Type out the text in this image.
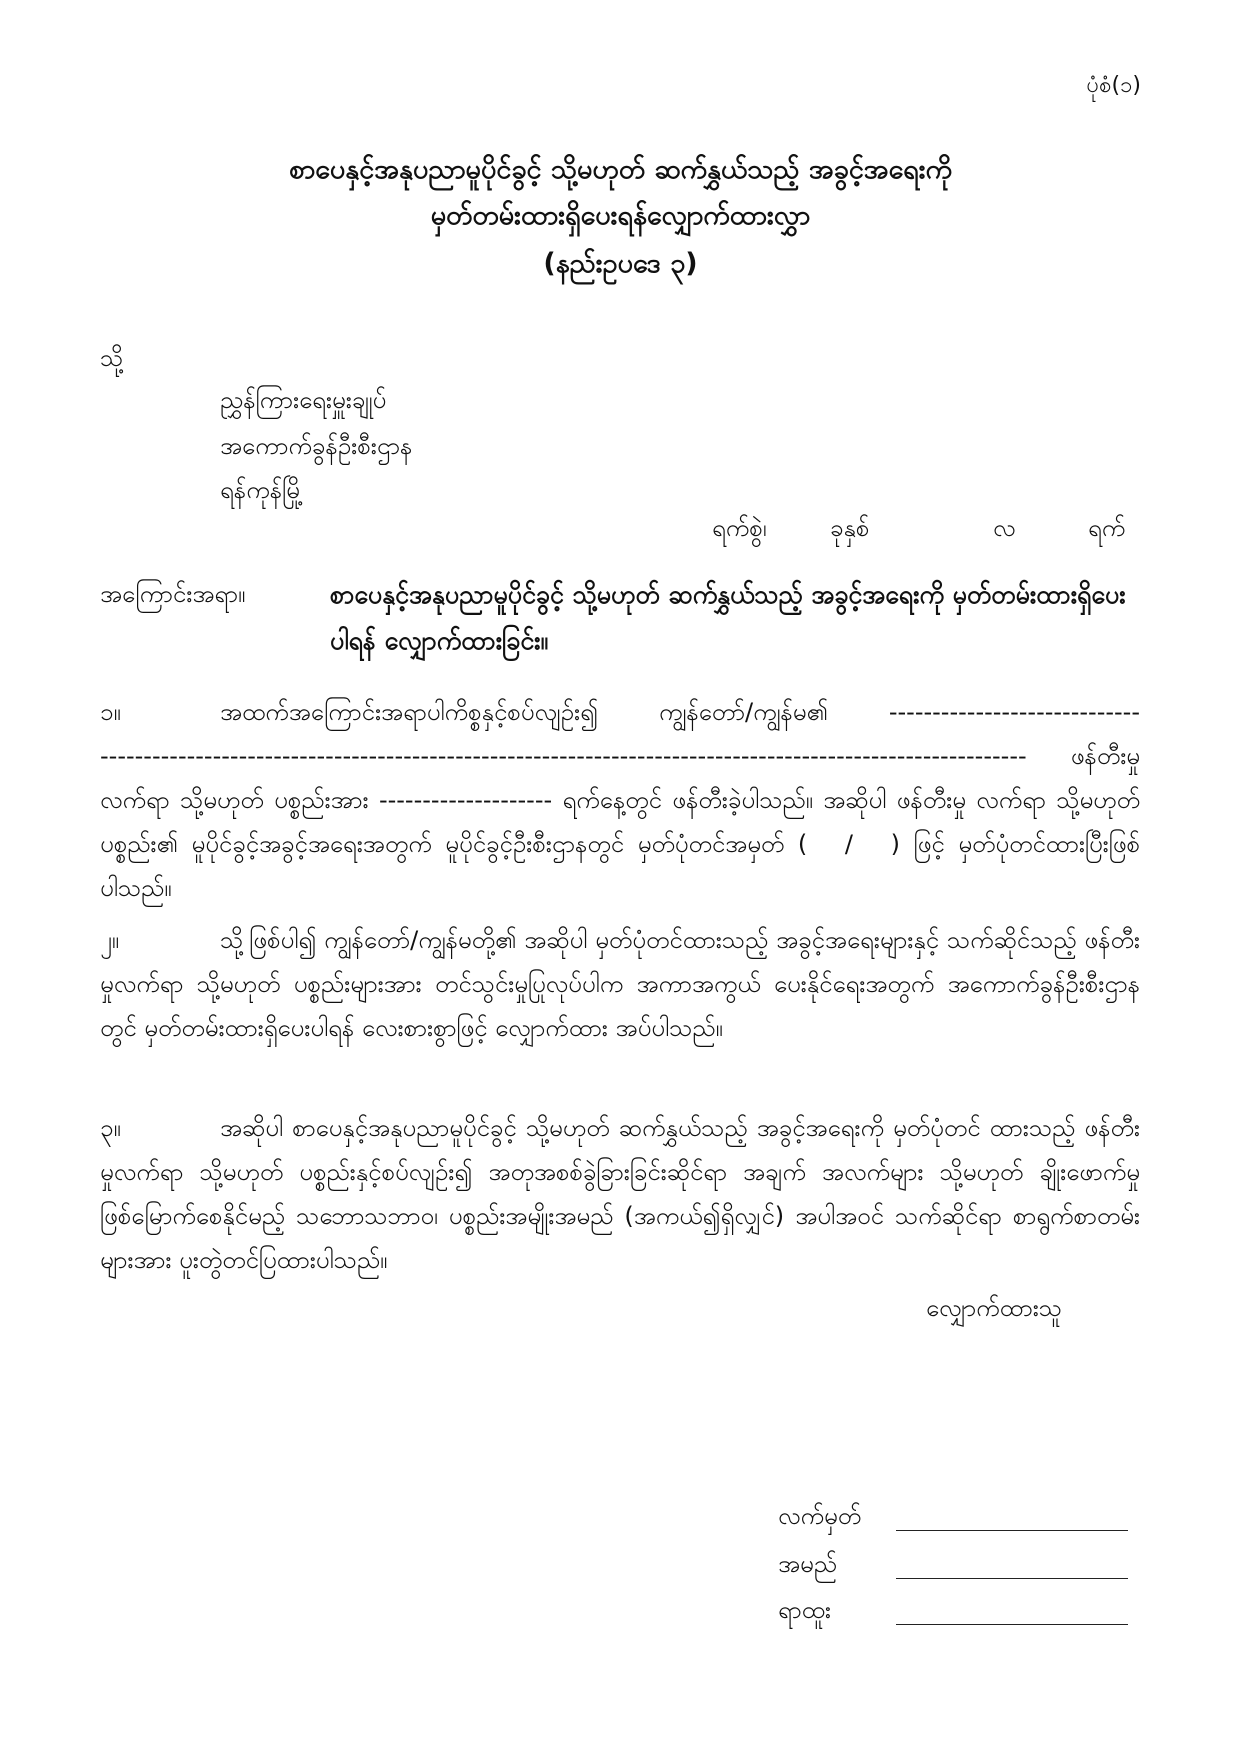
ပုံစံ(၁)
စာပေနှင့်အနုပညာမူပိုင်ခွင့် သို့မဟုတ် ဆက်နွှယ်သည့် အခွင့်အရေးကို
မှတ်တမ်းထားရှိပေးရန်လျှောက်ထားလွှာ
(နည်းဥပဒေ ၃)
သို့
ညွှန်ကြားရေးမှူးချုပ်
အကောက်ခွန်ဦးစီးဌာန
ရန်ကုန်မြို့
ရက်စွဲ၊	ခုနှစ်	လ	ရက်
အကြောင်းအရာ။	စာပေနှင့်အနုပညာမူပိုင်ခွင့် သို့မဟုတ် ဆက်နွှယ်သည့် အခွင့်အရေးကို မှတ်တမ်းထားရှိပေးပါရန် လျှောက်ထားခြင်း။
၁။	အထက်အကြောင်းအရာပါကိစ္စနှင့်စပ်လျဉ်း၍ ကျွန်တော်/ကျွန်မ၏	----------------------------- ----------------------------------------------------------------------------------------------------------- ဖန်တီးမှု လက်ရာ သို့မဟုတ် ပစ္စည်းအား -------------------- ရက်နေ့တွင် ဖန်တီးခဲ့ပါသည်။ အဆိုပါ ဖန်တီးမှု လက်ရာ သို့မဟုတ် ပစ္စည်း၏ မူပိုင်ခွင့်အခွင့်အရေးအတွက် မူပိုင်ခွင့်ဦးစီးဌာနတွင် မှတ်ပုံတင်အမှတ် ( / ) ဖြင့် မှတ်ပုံတင်ထားပြီးဖြစ်ပါသည်။
၂။	သို့ဖြစ်ပါ၍ ကျွန်တော်/ကျွန်မတို့၏ အဆိုပါ မှတ်ပုံတင်ထားသည့် အခွင့်အရေးများနှင့် သက်ဆိုင်သည့် ဖန်တီးမှုလက်ရာ သို့မဟုတ် ပစ္စည်းများအား တင်သွင်းမှုပြုလုပ်ပါက အကာအကွယ် ပေးနိုင်ရေးအတွက် အကောက်ခွန်ဦးစီးဌာနတွင် မှတ်တမ်းထားရှိပေးပါရန် လေးစားစွာဖြင့် လျှောက်ထား အပ်ပါသည်။
၃။	အဆိုပါ စာပေနှင့်အနုပညာမူပိုင်ခွင့် သို့မဟုတ် ဆက်နွှယ်သည့် အခွင့်အရေးကို မှတ်ပုံတင် ထားသည့် ဖန်တီးမှုလက်ရာ သို့မဟုတ် ပစ္စည်းနှင့်စပ်လျဉ်း၍ အတုအစစ်ခွဲခြားခြင်းဆိုင်ရာ အချက် အလက်များ သို့မဟုတ် ချိုးဖောက်မှု ဖြစ်မြောက်စေနိုင်မည့် သဘောသဘာဝ၊ ပစ္စည်းအမျိုးအမည် (အကယ်၍ရှိလျှင်) အပါအဝင် သက်ဆိုင်ရာ စာရွက်စာတမ်းများအား ပူးတွဲတင်ပြထားပါသည်။
လျှောက်ထားသူ
လက်မှတ်
အမည်
ရာထူး
